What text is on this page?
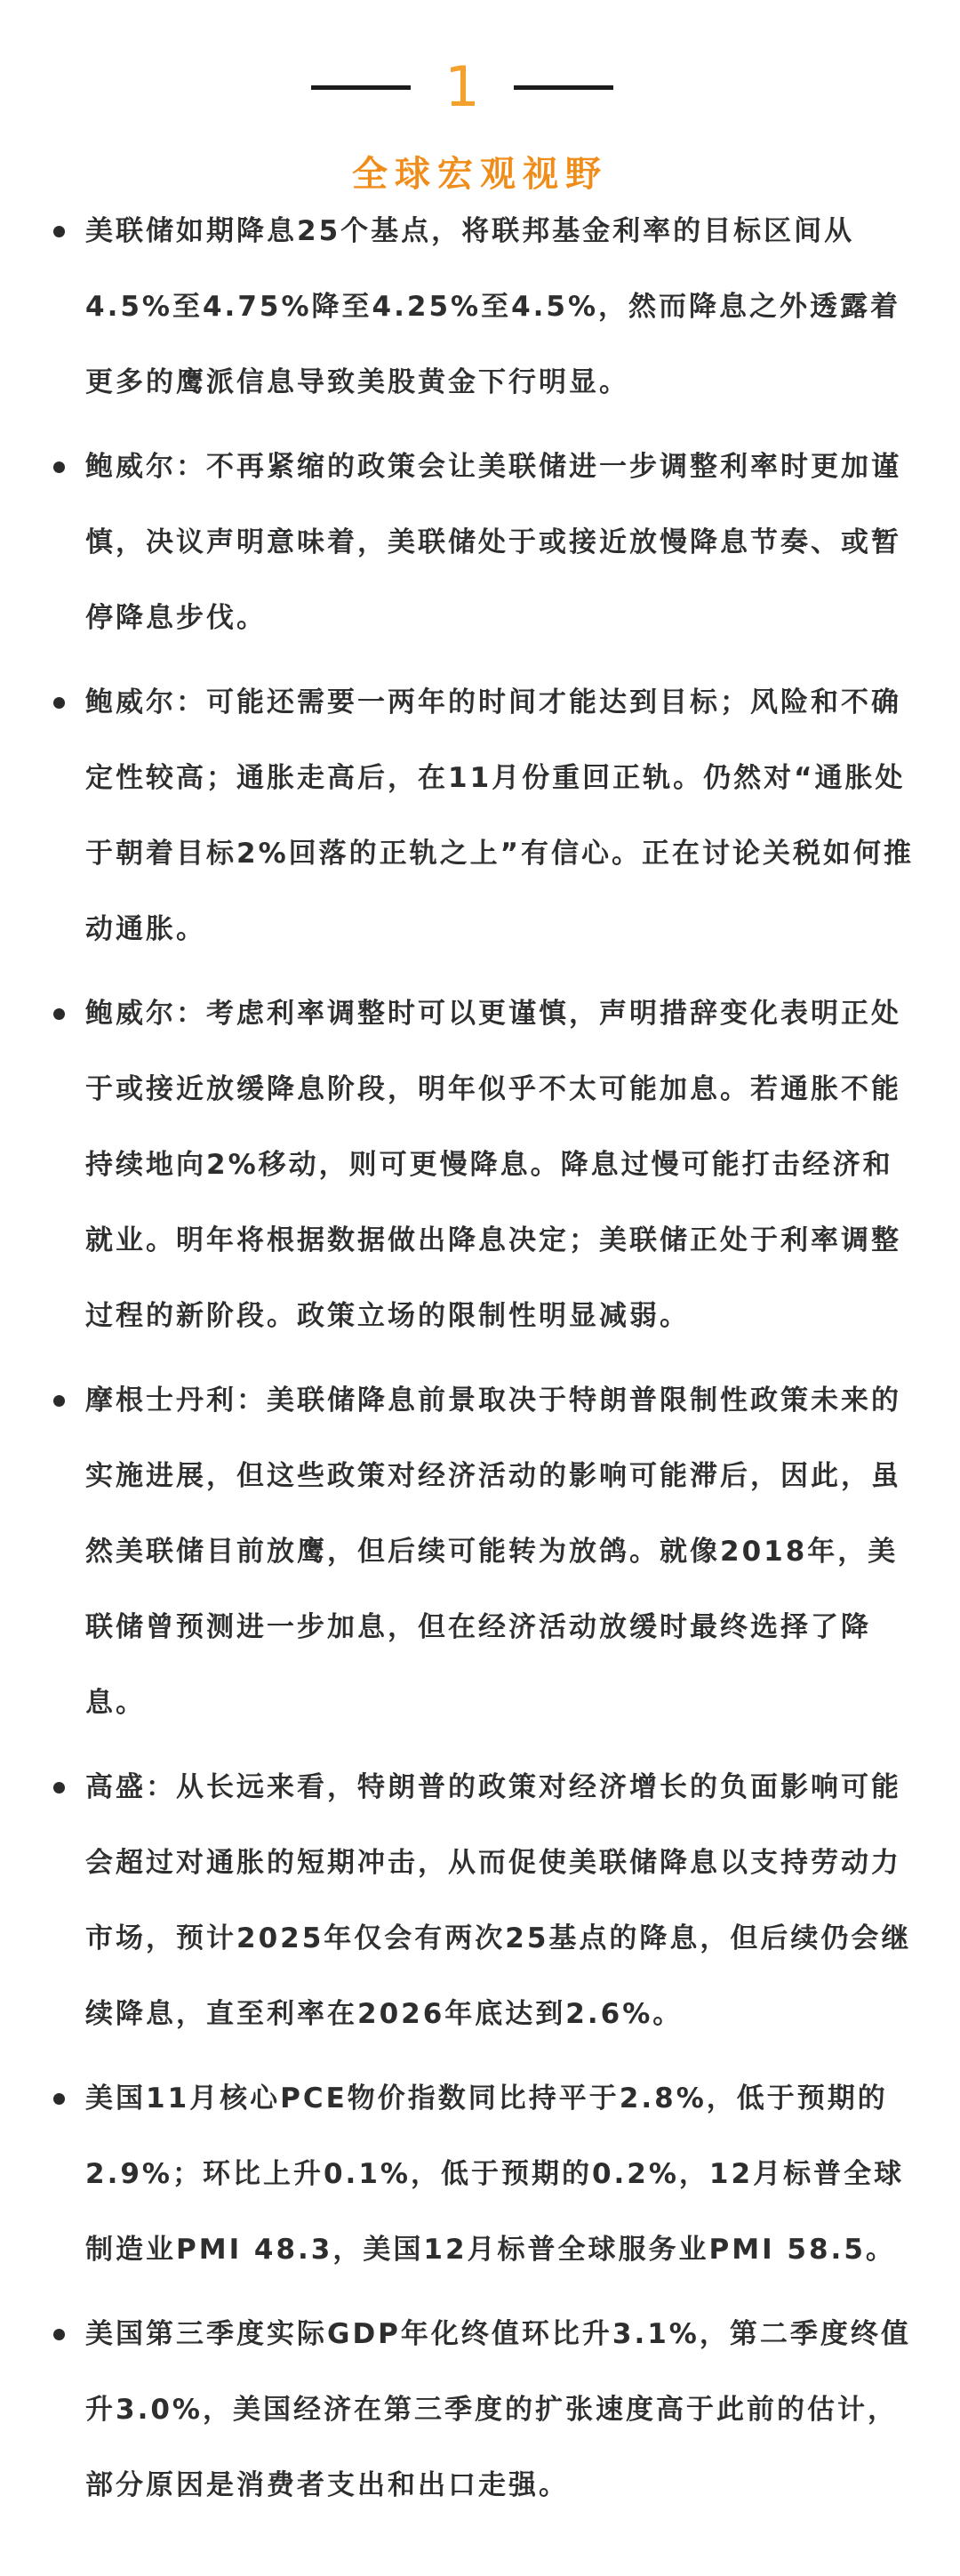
1
全球宏观视野
美联储如期降息25个基点，将联邦基金利率的目标区间从4.5%至4.75%降至4.25%至4.5%，然而降息之外透露着更多的鹰派信息导致美股黄金下行明显。
鲍威尔：不再紧缩的政策会让美联储进一步调整利率时更加谨慎，决议声明意味着，美联储处于或接近放慢降息节奏、或暂停降息步伐。
鲍威尔：可能还需要一两年的时间才能达到目标；风险和不确定性较高；通胀走高后，在11月份重回正轨。仍然对“通胀处于朝着目标2%回落的正轨之上”有信心。正在讨论关税如何推动通胀。
鲍威尔：考虑利率调整时可以更谨慎，声明措辞变化表明正处于或接近放缓降息阶段，明年似乎不太可能加息。若通胀不能持续地向2%移动，则可更慢降息。降息过慢可能打击经济和就业。明年将根据数据做出降息决定；美联储正处于利率调整过程的新阶段。政策立场的限制性明显减弱。
摩根士丹利：美联储降息前景取决于特朗普限制性政策未来的实施进展，但这些政策对经济活动的影响可能滞后，因此，虽然美联储目前放鹰，但后续可能转为放鸽。就像2018年，美联储曾预测进一步加息，但在经济活动放缓时最终选择了降息。
高盛：从长远来看，特朗普的政策对经济增长的负面影响可能会超过对通胀的短期冲击，从而促使美联储降息以支持劳动力市场，预计2025年仅会有两次25基点的降息，但后续仍会继续降息，直至利率在2026年底达到2.6%。
美国11月核心PCE物价指数同比持平于2.8%，低于预期的2.9%；环比上升0.1%，低于预期的0.2%，12月标普全球制造业PMI 48.3，美国12月标普全球服务业PMI 58.5。
美国第三季度实际GDP年化终值环比升3.1%，第二季度终值升3.0%，美国经济在第三季度的扩张速度高于此前的估计，部分原因是消费者支出和出口走强。
